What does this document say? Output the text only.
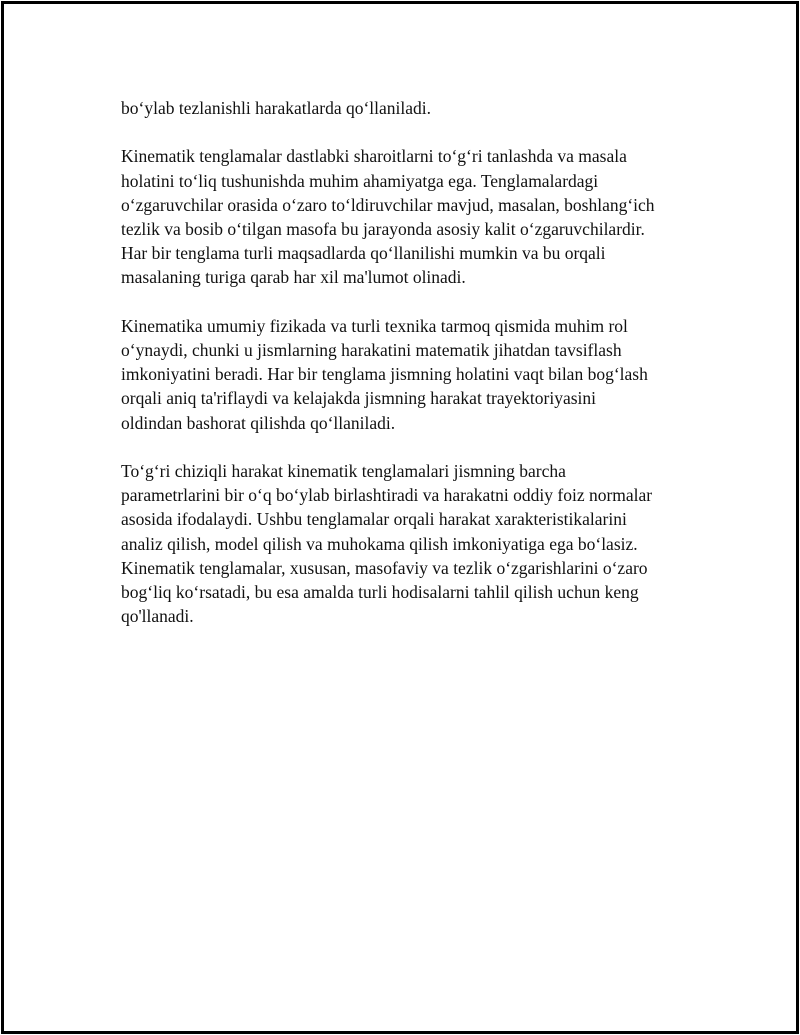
bo‘ylab tezlanishli harakatlarda qo‘llaniladi.

Kinematik tenglamalar dastlabki sharoitlarni to‘g‘ri tanlashda va masala
holatini to‘liq tushunishda muhim ahamiyatga ega. Tenglamalardagi
o‘zgaruvchilar orasida o‘zaro to‘ldiruvchilar mavjud, masalan, boshlang‘ich
tezlik va bosib o‘tilgan masofa bu jarayonda asosiy kalit o‘zgaruvchilardir.
Har bir tenglama turli maqsadlarda qo‘llanilishi mumkin va bu orqali
masalaning turiga qarab har xil ma'lumot olinadi.

Kinematika umumiy fizikada va turli texnika tarmoq qismida muhim rol
o‘ynaydi, chunki u jismlarning harakatini matematik jihatdan tavsiflash
imkoniyatini beradi. Har bir tenglama jismning holatini vaqt bilan bog‘lash
orqali aniq ta'riflaydi va kelajakda jismning harakat trayektoriyasini
oldindan bashorat qilishda qo‘llaniladi.

To‘g‘ri chiziqli harakat kinematik tenglamalari jismning barcha
parametrlarini bir o‘q bo‘ylab birlashtiradi va harakatni oddiy foiz normalar
asosida ifodalaydi. Ushbu tenglamalar orqali harakat xarakteristikalarini
analiz qilish, model qilish va muhokama qilish imkoniyatiga ega bo‘lasiz.
Kinematik tenglamalar, xususan, masofaviy va tezlik o‘zgarishlarini o‘zaro
bog‘liq ko‘rsatadi, bu esa amalda turli hodisalarni tahlil qilish uchun keng
qo'llanadi.
